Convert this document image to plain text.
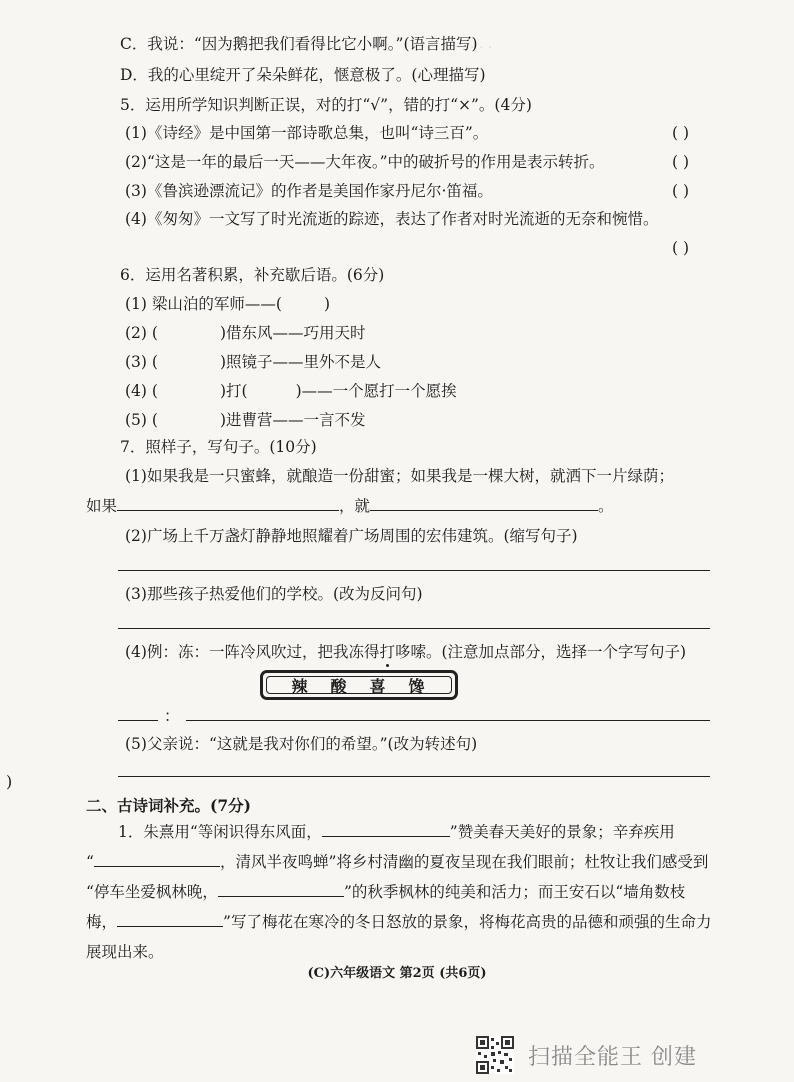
· · ·
C．我说：“因为鹅把我们看得比它小啊。”(语言描写)
D．我的心里绽开了朵朵鲜花，惬意极了。(心理描写)
5．运用所学知识判断正误，对的打“√”，错的打“×”。(4分)
(1)《诗经》是中国第一部诗歌总集，也叫“诗三百”。	( )
(2)“这是一年的最后一天——大年夜。”中的破折号的作用是表示转折。	( )
(3)《鲁滨逊漂流记》的作者是美国作家丹尼尔·笛福。	( )
(4)《匆匆》一文写了时光流逝的踪迹，表达了作者对时光流逝的无奈和惋惜。
( )
6．运用名著积累，补充歇后语。(6分)
(1) 梁山泊的军师——(	)
(2) (	)借东风——巧用天时
(3) (	)照镜子——里外不是人
(4) (	)打(	)——一个愿打一个愿挨
(5) (	)进曹营——一言不发
7．照样子，写句子。(10分)
(1)如果我是一只蜜蜂，就酿造一份甜蜜；如果我是一棵大树，就洒下一片绿荫；
如果	，就	。
(2)广场上千万盏灯静静地照耀着广场周围的宏伟建筑。(缩写句子)
(3)那些孩子热爱他们的学校。(改为反问句)
(4)例：冻：一阵冷风吹过，把我冻得打哆嗦。(注意加点部分，选择一个字写句子)
辣 酸 喜 馋
：
(5)父亲说：“这就是我对你们的希望。”(改为转述句)
)
二、古诗词补充。(7分)
1．朱熹用“等闲识得东风面，	”赞美春天美好的景象；辛弃疾用
“	，清风半夜鸣蝉”将乡村清幽的夏夜呈现在我们眼前；杜牧让我们感受到
“停车坐爱枫林晚，	”的秋季枫林的纯美和活力；而王安石以“墙角数枝
梅，	”写了梅花在寒冷的冬日怒放的景象，将梅花高贵的品德和顽强的生命力
展现出来。
(C)六年级语文 第2页 (共6页)
扫描全能王 创建
